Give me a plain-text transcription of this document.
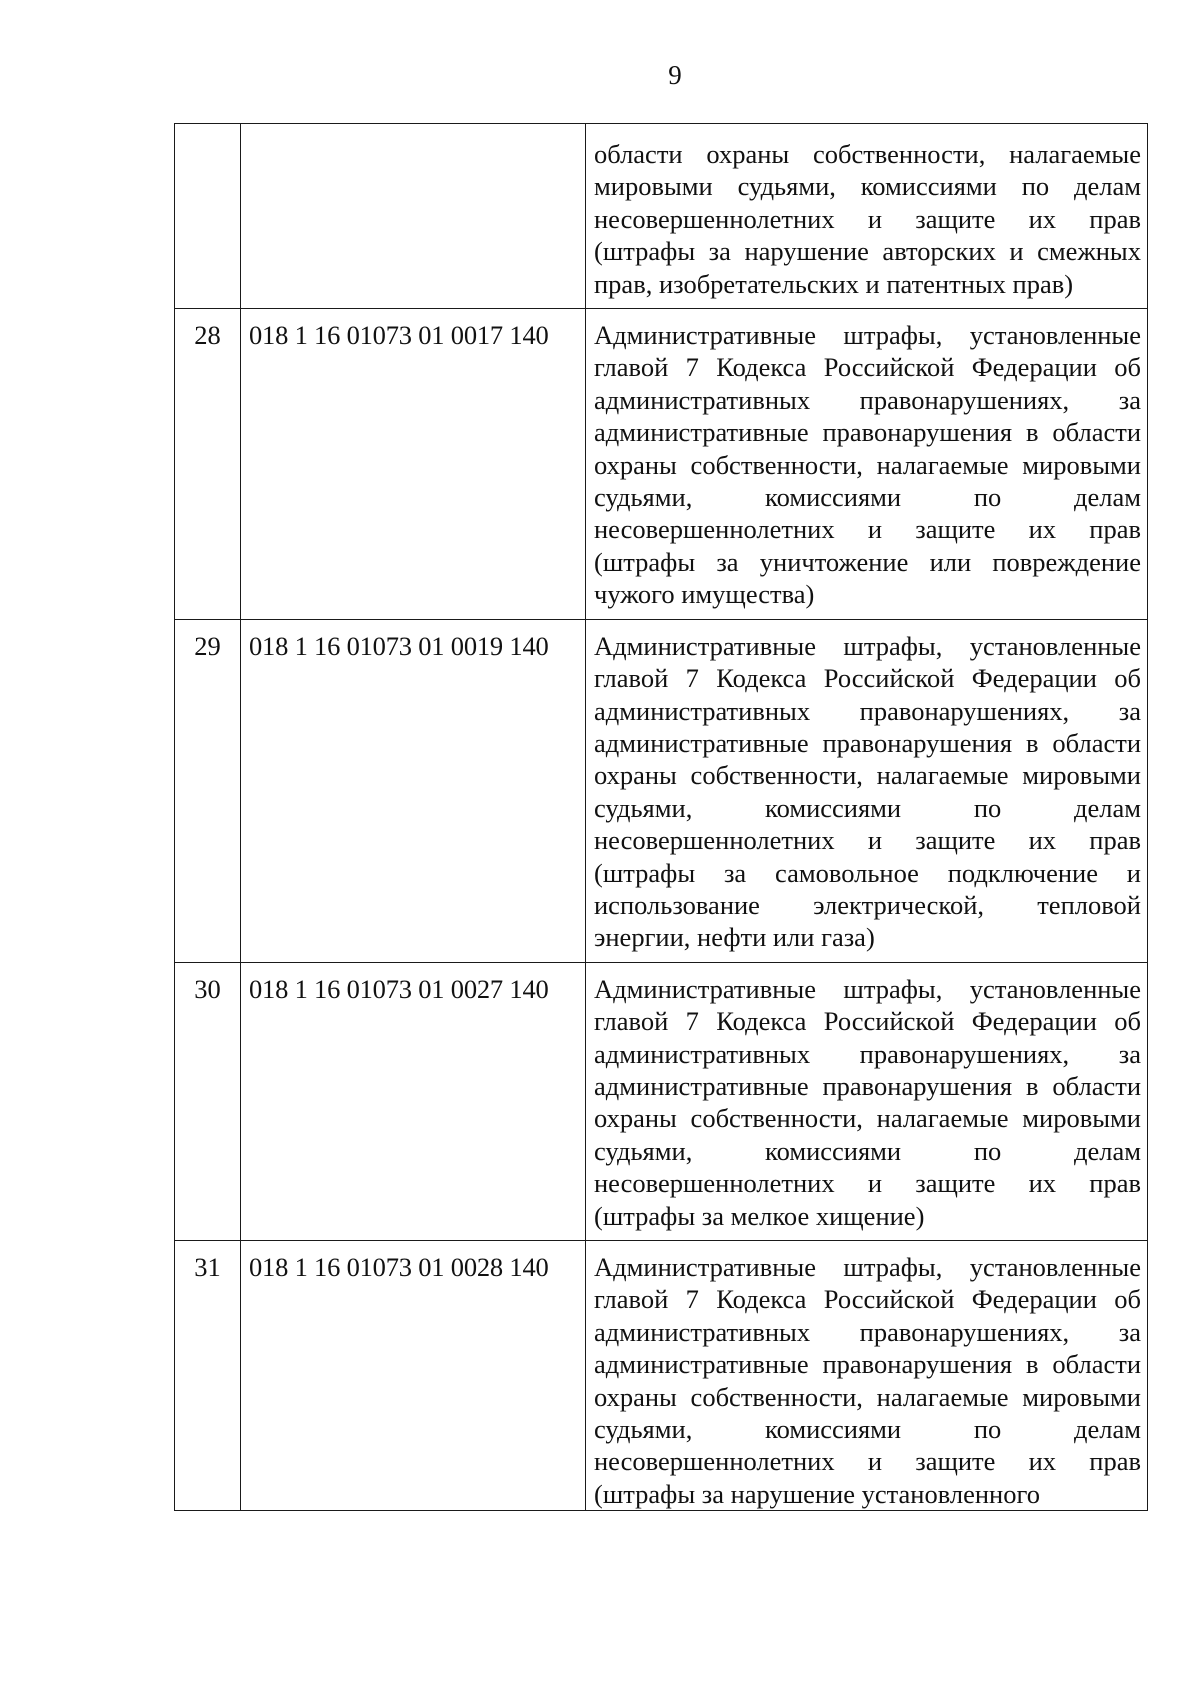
9
		области охраны собственности, налагаемые мировыми судьями, комиссиями по делам несовершеннолетних и защите их прав (штрафы за нарушение авторских и смежных прав, изобретательских и патентных прав)
28	018 1 16 01073 01 0017 140	Административные штрафы, установленные главой 7 Кодекса Российской Федерации об административных правонарушениях, за административные правонарушения в области охраны собственности, налагаемые мировыми судьями, комиссиями по делам несовершеннолетних и защите их прав (штрафы за уничтожение или повреждение чужого имущества)
29	018 1 16 01073 01 0019 140	Административные штрафы, установленные главой 7 Кодекса Российской Федерации об административных правонарушениях, за административные правонарушения в области охраны собственности, налагаемые мировыми судьями, комиссиями по делам несовершеннолетних и защите их прав (штрафы за самовольное подключение и использование электрической, тепловой энергии, нефти или газа)
30	018 1 16 01073 01 0027 140	Административные штрафы, установленные главой 7 Кодекса Российской Федерации об административных правонарушениях, за административные правонарушения в области охраны собственности, налагаемые мировыми судьями, комиссиями по делам несовершеннолетних и защите их прав (штрафы за мелкое хищение)
31	018 1 16 01073 01 0028 140	Административные штрафы, установленные главой 7 Кодекса Российской Федерации об административных правонарушениях, за административные правонарушения в области охраны собственности, налагаемые мировыми судьями, комиссиями по делам несовершеннолетних и защите их прав (штрафы за нарушение установленного
